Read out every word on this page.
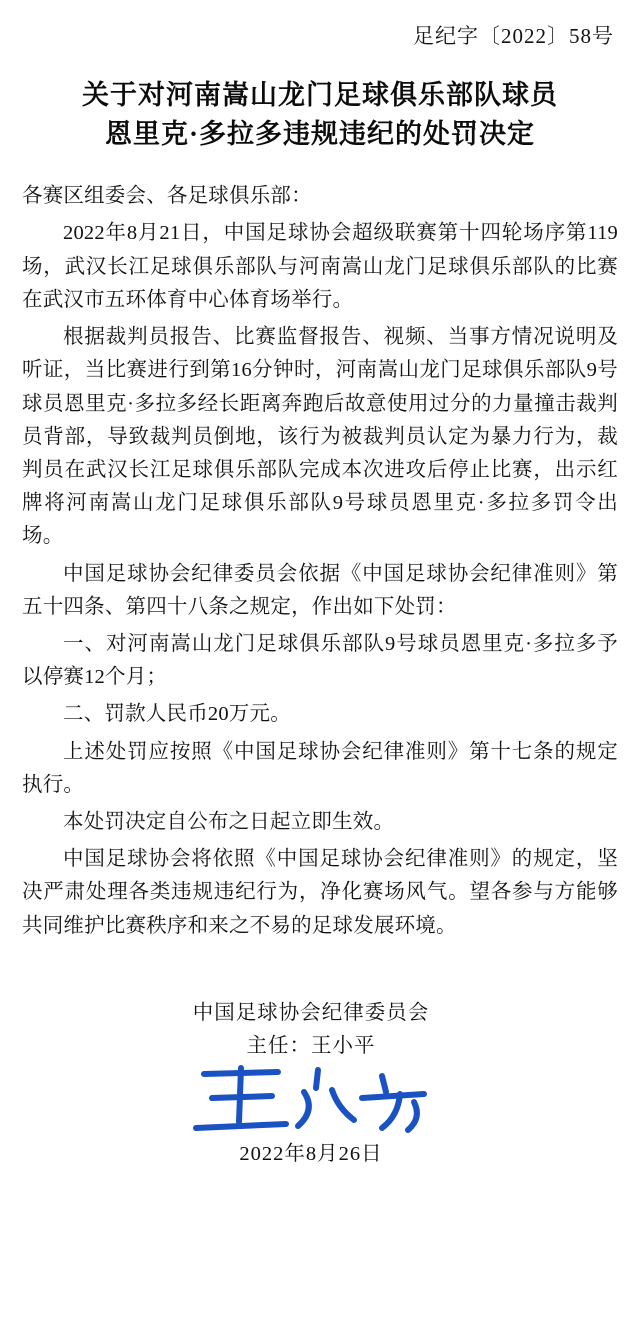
足纪字〔2022〕58号
关于对河南嵩山龙门足球俱乐部队球员
恩里克·多拉多违规违纪的处罚决定

各赛区组委会、各足球俱乐部：

2022年8月21日，中国足球协会超级联赛第十四轮场序第119场，武汉长江足球俱乐部队与河南嵩山龙门足球俱乐部队的比赛在武汉市五环体育中心体育场举行。

根据裁判员报告、比赛监督报告、视频、当事方情况说明及听证，当比赛进行到第16分钟时，河南嵩山龙门足球俱乐部队9号球员恩里克·多拉多经长距离奔跑后故意使用过分的力量撞击裁判员背部，导致裁判员倒地，该行为被裁判员认定为暴力行为，裁判员在武汉长江足球俱乐部队完成本次进攻后停止比赛，出示红牌将河南嵩山龙门足球俱乐部队9号球员恩里克·多拉多罚令出场。

中国足球协会纪律委员会依据《中国足球协会纪律准则》第五十四条、第四十八条之规定，作出如下处罚：

一、对河南嵩山龙门足球俱乐部队9号球员恩里克·多拉多予以停赛12个月；

二、罚款人民币20万元。

上述处罚应按照《中国足球协会纪律准则》第十七条的规定执行。

本处罚决定自公布之日起立即生效。

中国足球协会将依照《中国足球协会纪律准则》的规定，坚决严肃处理各类违规违纪行为，净化赛场风气。望各参与方能够共同维护比赛秩序和来之不易的足球发展环境。

中国足球协会纪律委员会
主任：王小平
2022年8月26日
